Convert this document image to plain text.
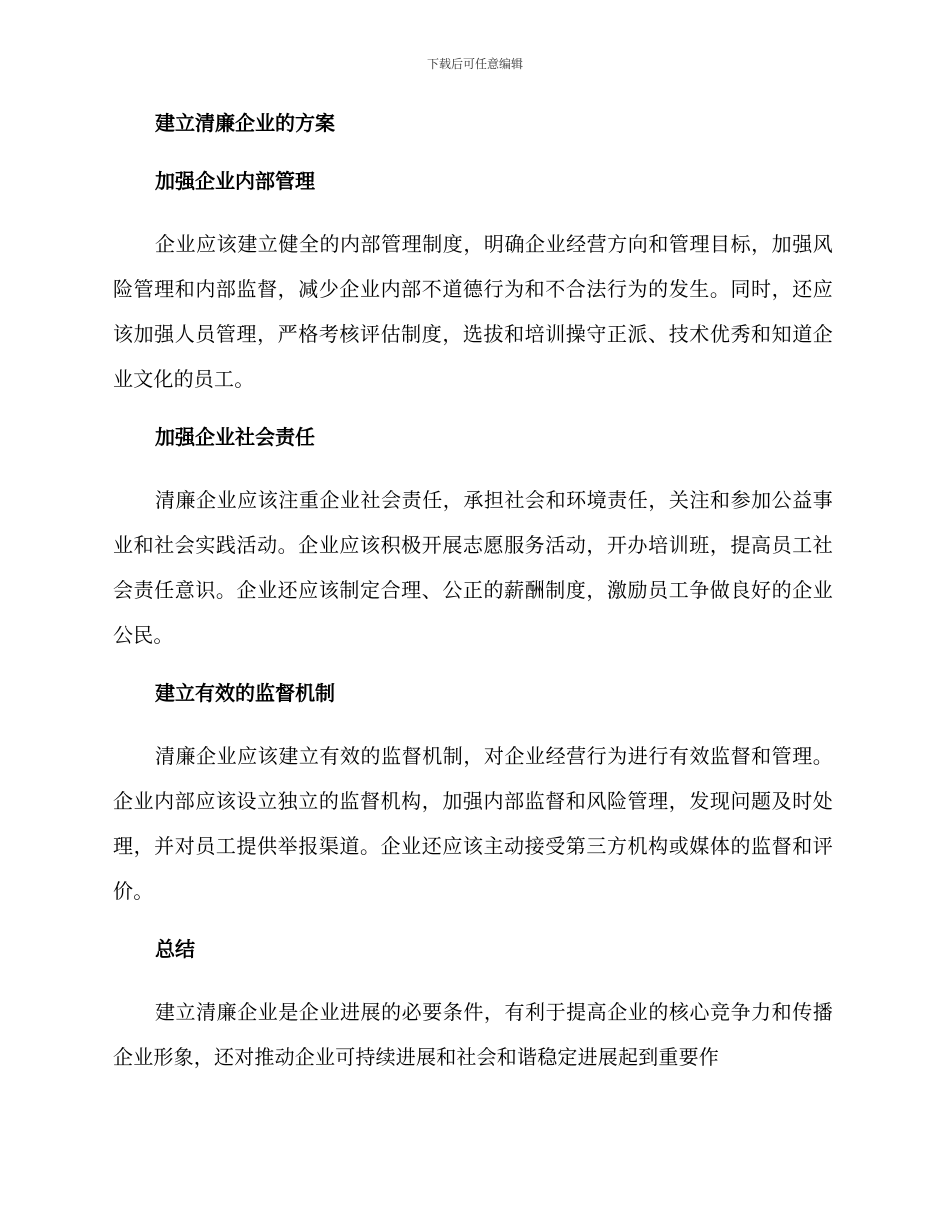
下载后可任意编辑
建立清廉企业的方案
加强企业内部管理

企业应该建立健全的内部管理制度，明确企业经营方向和管理目标，加强风险管理和内部监督，减少企业内部不道德行为和不合法行为的发生。同时，还应该加强人员管理，严格考核评估制度，选拔和培训操守正派、技术优秀和知道企业文化的员工。

加强企业社会责任

清廉企业应该注重企业社会责任，承担社会和环境责任，关注和参加公益事业和社会实践活动。企业应该积极开展志愿服务活动，开办培训班，提高员工社会责任意识。企业还应该制定合理、公正的薪酬制度，激励员工争做良好的企业公民。

建立有效的监督机制

清廉企业应该建立有效的监督机制，对企业经营行为进行有效监督和管理。企业内部应该设立独立的监督机构，加强内部监督和风险管理，发现问题及时处理，并对员工提供举报渠道。企业还应该主动接受第三方机构或媒体的监督和评价。

总结

建立清廉企业是企业进展的必要条件，有利于提高企业的核心竞争力和传播企业形象，还对推动企业可持续进展和社会和谐稳定进展起到重要作
